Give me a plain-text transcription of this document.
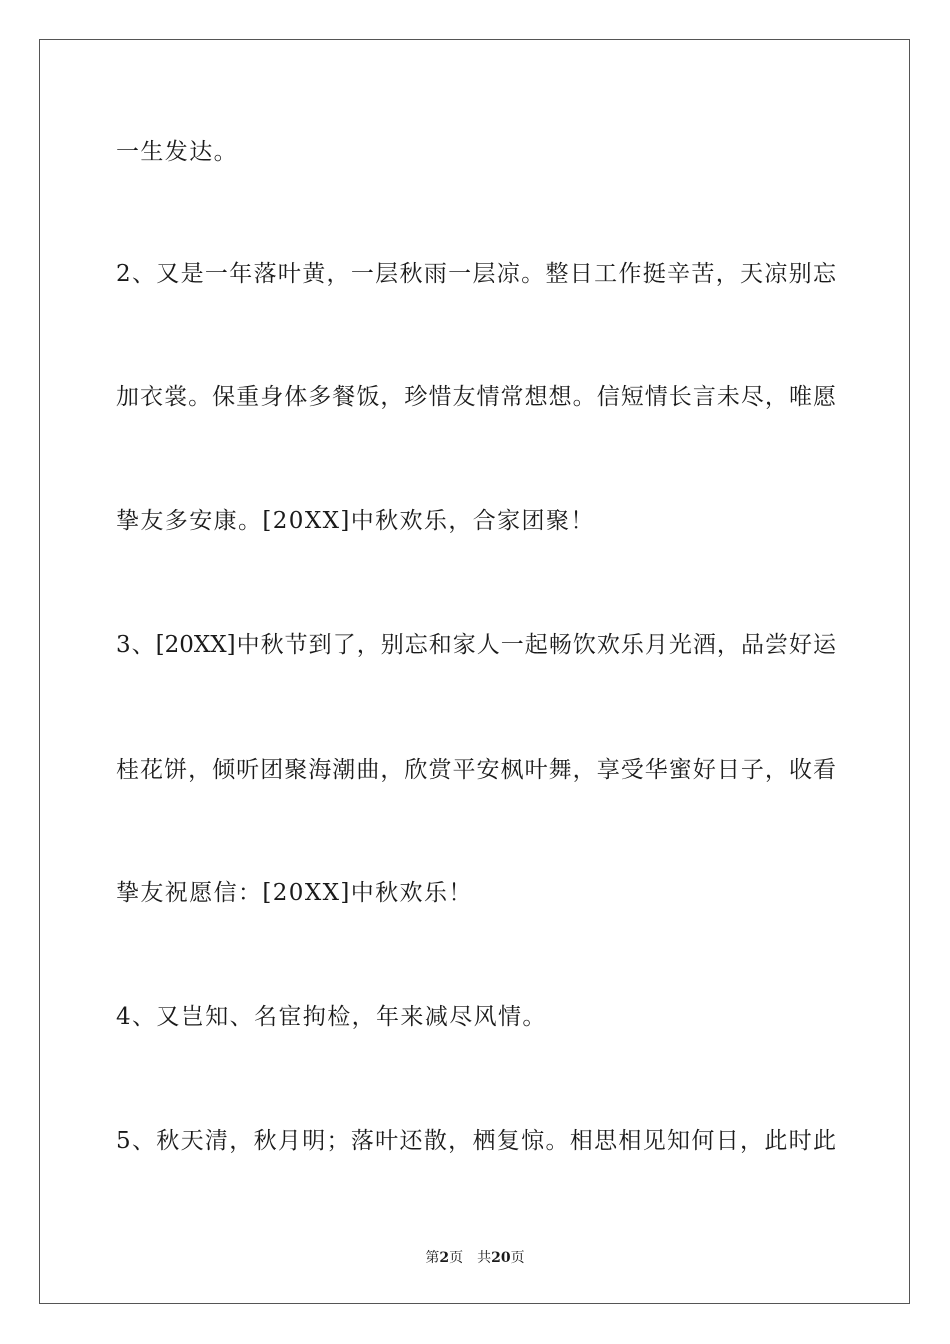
一生发达。
2、又是一年落叶黄，一层秋雨一层凉。整日工作挺辛苦，天凉别忘
加衣裳。保重身体多餐饭，珍惜友情常想想。信短情长言未尽，唯愿
挚友多安康。[20XX]中秋欢乐，合家团聚！
3、[20XX]中秋节到了，别忘和家人一起畅饮欢乐月光酒，品尝好运
桂花饼，倾听团聚海潮曲，欣赏平安枫叶舞，享受华蜜好日子，收看
挚友祝愿信：[20XX]中秋欢乐！
4、又岂知、名宦拘检，年来减尽风情。
5、秋天清，秋月明；落叶还散，栖复惊。相思相见知何日，此时此
第2页 共20页
